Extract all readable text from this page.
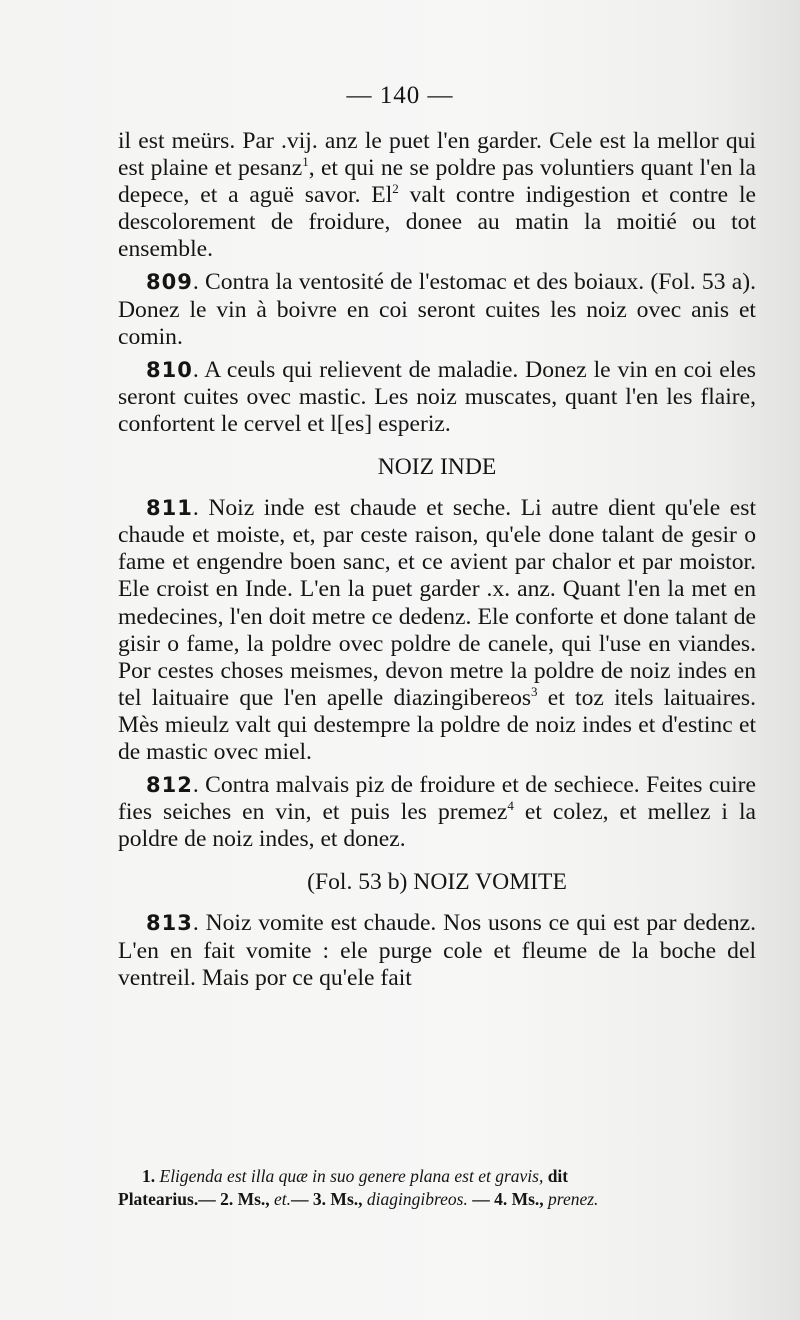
— 140 —

il est meürs. Par .vij. anz le puet l'en garder. Cele est la mellor qui est plaine et pesanz$^1$, et qui ne se poldre pas voluntiers quant l'en la depece, et a aguë savor. El$^2$ valt contre indigestion et contre le descolorement de froidure, donee au matin la moitié ou tot ensemble.

809. Contra la ventosité de l'estomac et des boiaux. (Fol. 53 a). Donez le vin à boivre en coi seront cuites les noiz ovec anis et comin.

810. A ceuls qui relievent de maladie. Donez le vin en coi eles seront cuites ovec mastic. Les noiz muscates, quant l'en les flaire, confortent le cervel et l[es] esperiz.

NOIZ INDE

811. Noiz inde est chaude et seche. Li autre dient qu'ele est chaude et moiste, et, par ceste raison, qu'ele done talant de gesir o fame et engendre boen sanc, et ce avient par chalor et par moistor. Ele croist en Inde. L'en la puet garder .x. anz. Quant l'en la met en medecines, l'en doit metre ce dedenz. Ele conforte et done talant de gisir o fame, la poldre ovec poldre de canele, qui l'use en viandes. Por cestes choses meismes, devon metre la poldre de noiz indes en tel laituaire que l'en apelle diazingibereos$^3$ et toz itels laituaires. Mès mieulz valt qui destempre la poldre de noiz indes et d'estinc et de mastic ovec miel.

812. Contra malvais piz de froidure et de sechiece. Feites cuire fies seiches en vin, et puis les premez$^4$ et colez, et mellez i la poldre de noiz indes, et donez.

(Fol. 53 b) NOIZ VOMITE

813. Noiz vomite est chaude. Nos usons ce qui est par dedenz. L'en en fait vomite : ele purge cole et fleume de la boche del ventreil. Mais por ce qu'ele fait

1. Eligenda est illa quæ in suo genere plana est et gravis, dit
Platearius.— 2. Ms., et.— 3. Ms., diagingibreos. — 4. Ms., prenez.
